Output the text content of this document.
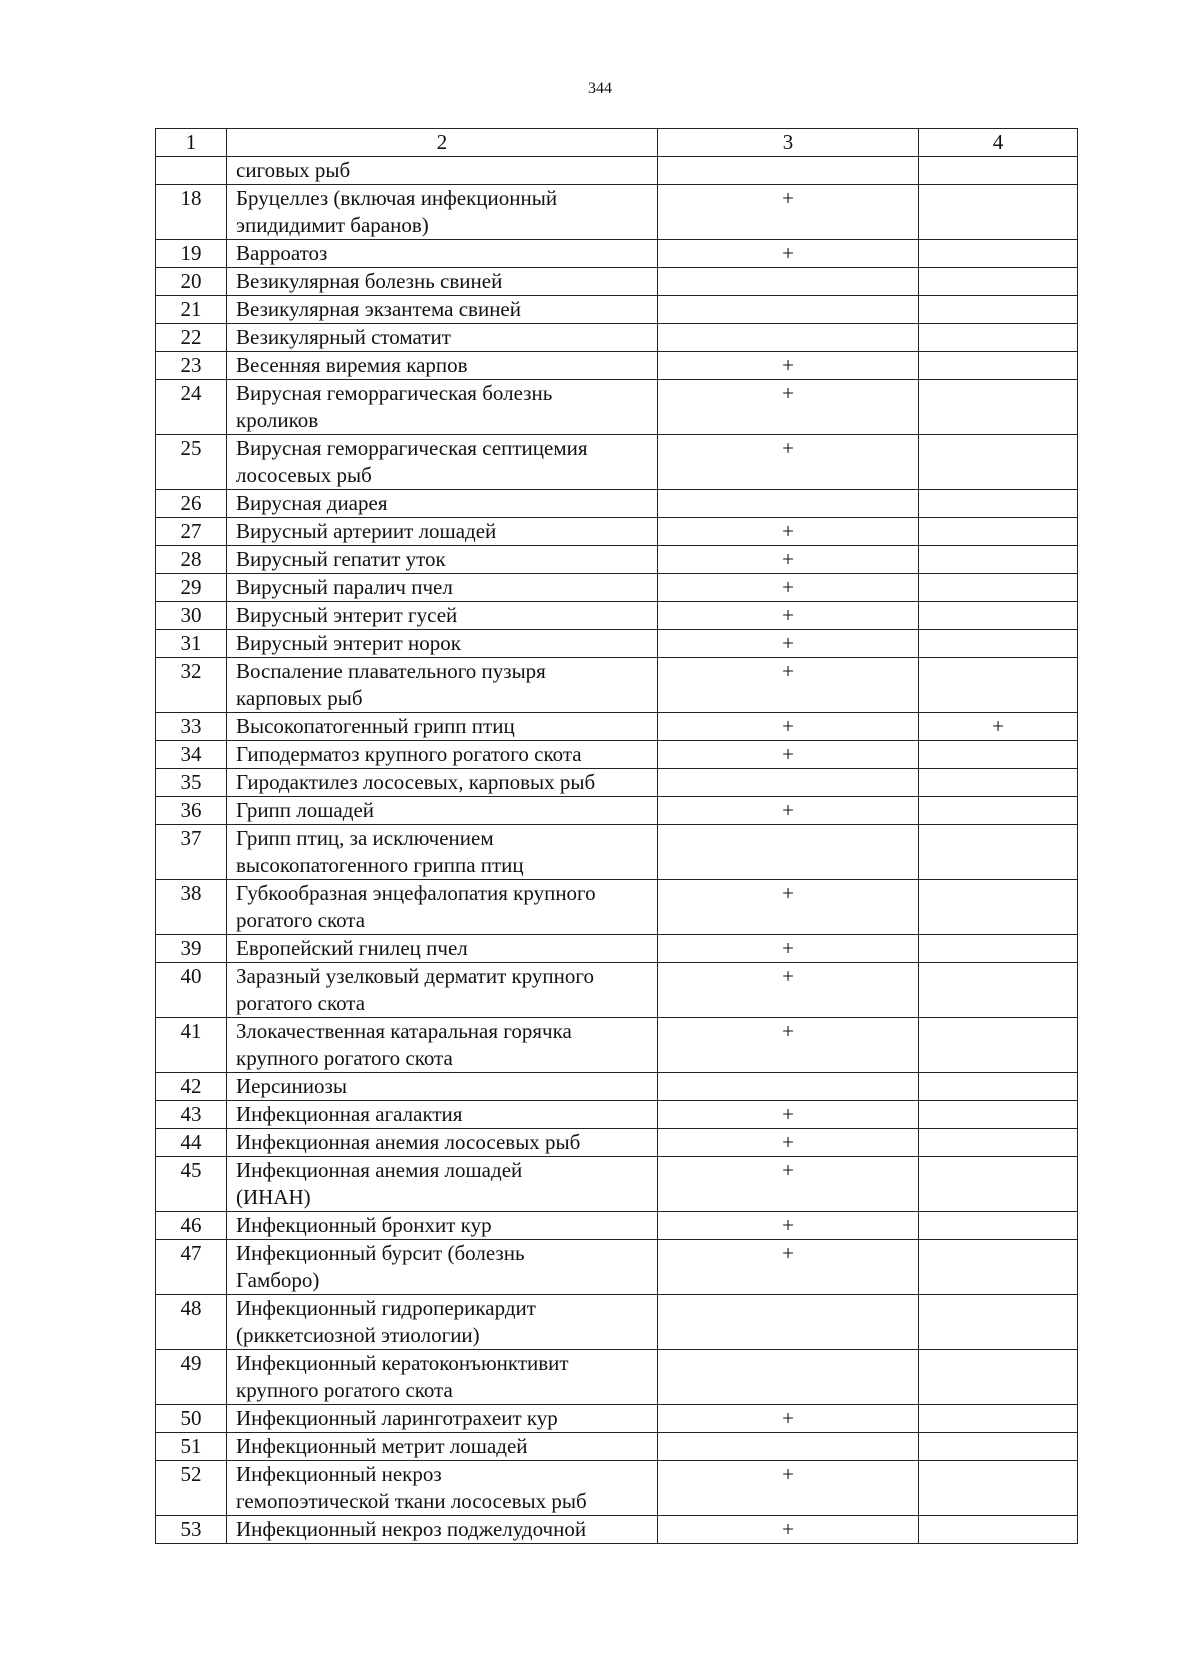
344
1	2	3	4

	сиговых рыб		

18	Бруцеллез (включая инфекционный
эпидидимит баранов)	+	
19	Варроатоз	+	
20	Везикулярная болезнь свиней		

21	Везикулярная экзантема свиней		

22	Везикулярный стоматит		

23	Весенняя виремия карпов	+	
24	Вирусная геморрагическая болезнь
кроликов	+	
25	Вирусная геморрагическая септицемия
лососевых рыб	+	
26	Вирусная диарея		

27	Вирусный артериит лошадей	+	
28	Вирусный гепатит уток	+	
29	Вирусный паралич пчел	+	
30	Вирусный энтерит гусей	+	
31	Вирусный энтерит норок	+	
32	Воспаление плавательного пузыря
карповых рыб	+	
33	Высокопатогенный грипп птиц	+	+
34	Гиподерматоз крупного рогатого скота	+	
35	Гиродактилез лососевых, карповых рыб		

36	Грипп лошадей	+	
37	Грипп птиц, за исключением
высокопатогенного гриппа птиц		

38	Губкообразная энцефалопатия крупного
рогатого скота	+	
39	Европейский гнилец пчел	+	
40	Заразный узелковый дерматит крупного
рогатого скота	+	
41	Злокачественная катаральная горячка
крупного рогатого скота	+	
42	Иерсиниозы		

43	Инфекционная агалактия	+	
44	Инфекционная анемия лососевых рыб	+	
45	Инфекционная анемия лошадей
(ИНАН)	+	
46	Инфекционный бронхит кур	+	
47	Инфекционный бурсит (болезнь
Гамборо)	+	
48	Инфекционный гидроперикардит
(риккетсиозной этиологии)		

49	Инфекционный кератоконъюнктивит
крупного рогатого скота		

50	Инфекционный ларинготрахеит кур	+	
51	Инфекционный метрит лошадей		

52	Инфекционный некроз
гемопоэтической ткани лососевых рыб	+	
53	Инфекционный некроз поджелудочной	+	
